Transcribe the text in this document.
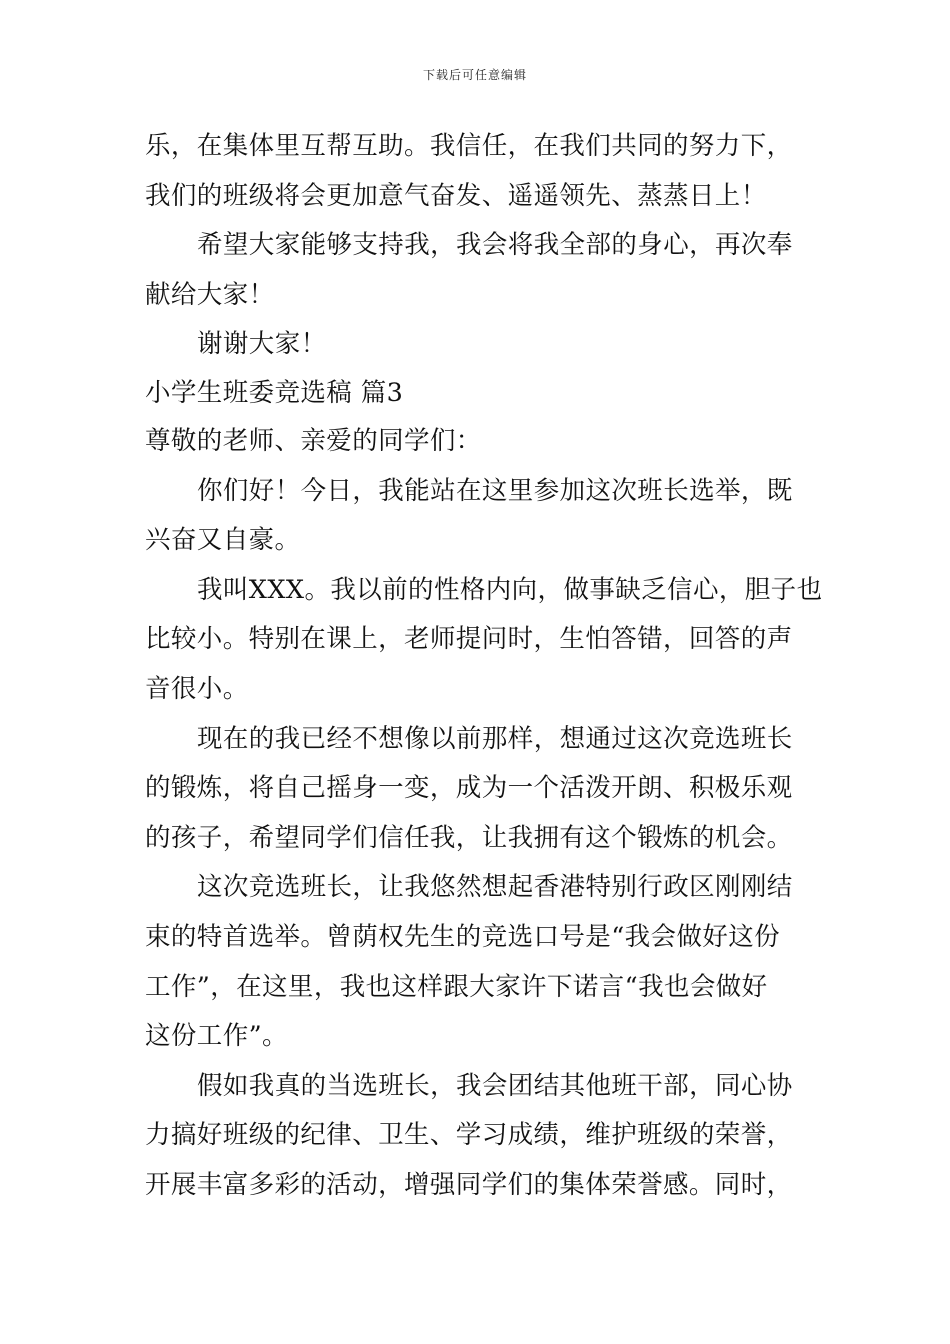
下载后可任意编辑
乐，在集体里互帮互助。我信任，在我们共同的努力下，
我们的班级将会更加意气奋发、遥遥领先、蒸蒸日上！
希望大家能够支持我，我会将我全部的身心，再次奉
献给大家！
谢谢大家！
小学生班委竞选稿 篇3
尊敬的老师、亲爱的同学们：
你们好！今日，我能站在这里参加这次班长选举，既
兴奋又自豪。
我叫XXX。我以前的性格内向，做事缺乏信心，胆子也
比较小。特别在课上，老师提问时，生怕答错，回答的声
音很小。
现在的我已经不想像以前那样，想通过这次竞选班长
的锻炼，将自己摇身一变，成为一个活泼开朗、积极乐观
的孩子，希望同学们信任我，让我拥有这个锻炼的机会。
这次竞选班长，让我悠然想起香港特别行政区刚刚结
束的特首选举。曾荫权先生的竞选口号是“我会做好这份
工作”，在这里，我也这样跟大家许下诺言“我也会做好
这份工作”。
假如我真的当选班长，我会团结其他班干部，同心协
力搞好班级的纪律、卫生、学习成绩，维护班级的荣誉，
开展丰富多彩的活动，增强同学们的集体荣誉感。同时，
